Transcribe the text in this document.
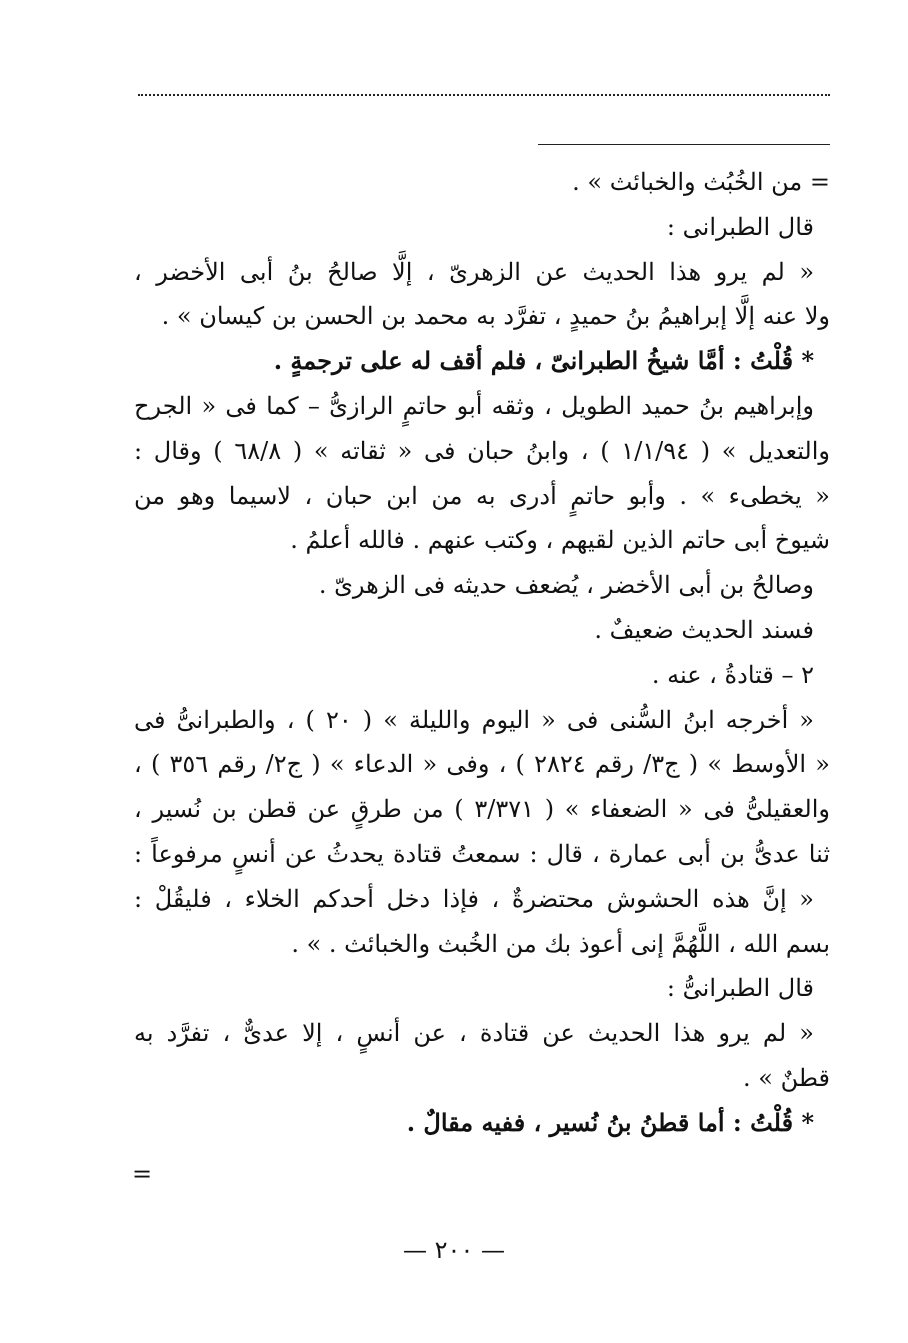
= من الخُبُث والخبائث » .
قال الطبرانى :
« لم يرو هذا الحديث عن الزهرىّ ، إلَّا صالحُ بنُ أبى الأخضر ،
ولا عنه إلَّا إبراهيمُ بنُ حميدٍ ، تفرَّد به محمد بن الحسن بن كيسان » .
* قُلْتُ : أمَّا شيخُ الطبرانىّ ، فلم أقف له على ترجمةٍ .
وإبراهيم بنُ حميد الطويل ، وثقه أبو حاتمٍ الرازىُّ – كما فى « الجرح
والتعديل » ( ١/١/٩٤ ) ، وابنُ حبان فى « ثقاته » ( ٦٨/٨ ) وقال :
« يخطىء » . وأبو حاتمٍ أدرى به من ابن حبان ، لاسيما وهو من
شيوخ أبى حاتم الذين لقيهم ، وكتب عنهم . فالله أعلمُ .
وصالحُ بن أبى الأخضر ، يُضعف حديثه فى الزهرىّ .
فسند الحديث ضعيفٌ .
٢ – قتادةُ ، عنه .
« أخرجه ابنُ السُّنى فى « اليوم والليلة » ( ٢٠ ) ، والطبرانىُّ فى
« الأوسط » ( ج٣/ رقم ٢٨٢٤ ) ، وفى « الدعاء » ( ج٢/ رقم ٣٥٦ ) ،
والعقيلىُّ فى « الضعفاء » ( ٣/٣٧١ ) من طرقٍ عن قطن بن نُسير ،
ثنا عدىُّ بن أبى عمارة ، قال : سمعتُ قتادة يحدثُ عن أنسٍ مرفوعاً :
« إنَّ هذه الحشوش محتضرةٌ ، فإذا دخل أحدكم الخلاء ، فليقُلْ :
بسم الله ، اللَّهُمَّ إنى أعوذ بك من الخُبث والخبائث . » .
قال الطبرانىُّ :
« لم يرو هذا الحديث عن قتادة ، عن أنسٍ ، إلا عدىٌّ ، تفرَّد به
قطنٌ » .
* قُلْتُ : أما قطنُ بنُ نُسير ، ففيه مقالٌ .
=
— ٢٠٠ —
